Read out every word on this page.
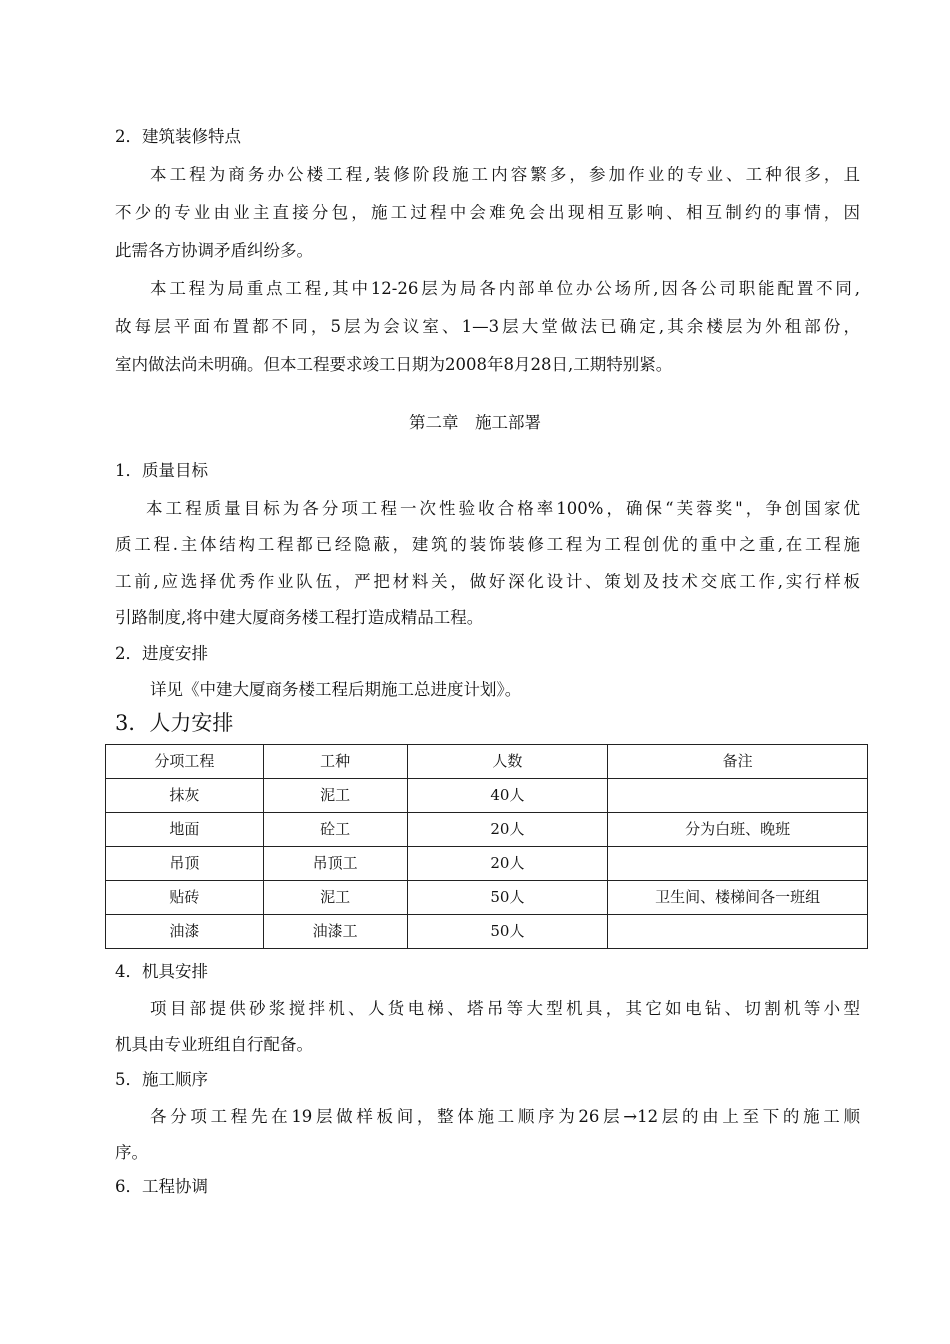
2．建筑装修特点
本工程为商务办公楼工程,装修阶段施工内容繁多，参加作业的专业、工种很多，且
不少的专业由业主直接分包，施工过程中会难免会出现相互影响、相互制约的事情，因
此需各方协调矛盾纠纷多。
本工程为局重点工程,其中12-26层为局各内部单位办公场所,因各公司职能配置不同,
故每层平面布置都不同，5层为会议室、1—3层大堂做法已确定,其余楼层为外租部份，
室内做法尚未明确。但本工程要求竣工日期为2008年8月28日,工期特别紧。
第二章　施工部署
1．质量目标
本工程质量目标为各分项工程一次性验收合格率100%，确保“芙蓉奖"，争创国家优
质工程.主体结构工程都已经隐蔽，建筑的装饰装修工程为工程创优的重中之重,在工程施
工前,应选择优秀作业队伍，严把材料关，做好深化设计、策划及技术交底工作,实行样板
引路制度,将中建大厦商务楼工程打造成精品工程。
2．进度安排
详见《中建大厦商务楼工程后期施工总进度计划》。
3．人力安排
分项工程	工种	人数	备注
抹灰	泥工	40人	
地面	砼工	20人	分为白班、晚班
吊顶	吊顶工	20人	
贴砖	泥工	50人	卫生间、楼梯间各一班组
油漆	油漆工	50人	
4．机具安排
项目部提供砂浆搅拌机、人货电梯、塔吊等大型机具，其它如电钻、切割机等小型
机具由专业班组自行配备。
5．施工顺序
各分项工程先在19层做样板间，整体施工顺序为26层→12层的由上至下的施工顺
序。
6．工程协调
